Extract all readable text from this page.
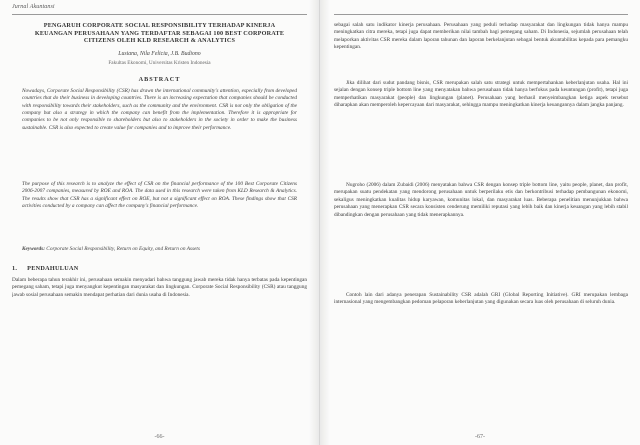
Jurnal Akuntansi
PENGARUH CORPORATE SOCIAL RESPONSIBILITY TERHADAP KINERJA KEUANGAN PERUSAHAAN YANG TERDAFTAR SEBAGAI 100 BEST CORPORATE CITIZENS OLEH KLD RESEARCH & ANALYTICS
Lusiana, Nila Felicia, J.B. Budiono
Fakultas Ekonomi, Universitas Kristen Indonesia
ABSTRACT
Nowadays, Corporate Social Responsibility (CSR) has drawn the international community's attention, especially from developed countries that do their business in developing countries. There is an increasing expectation that companies should be conducted with responsibility towards their stakeholders, such as the community and the environment. CSR is not only the obligation of the company but also a strategy in which the company can benefit from the implementation. Therefore it is appropriate for companies to be not only responsible to shareholders but also to stakeholders in the society in order to make the business sustainable. CSR is also expected to create value for companies and to improve their performance.
The purpose of this research is to analyze the effect of CSR on the financial performance of the 100 Best Corporate Citizens 2006-2007 companies, measured by ROE and ROA. The data used in this research were taken from KLD Research & Analytics. The results show that CSR has a significant effect on ROE, but not a significant effect on ROA. These findings show that CSR activities conducted by a company can affect the company's financial performance.
Keywords: Corporate Social Responsibility, Return on Equity, and Return on Assets
1. PENDAHULUAN
Dalam beberapa tahun terakhir ini, perusahaan semakin menyadari bahwa tanggung jawab mereka tidak hanya terbatas pada kepentingan pemegang saham, tetapi juga menyangkut kepentingan masyarakat dan lingkungan. Corporate Social Responsibility (CSR) atau tanggung jawab sosial perusahaan semakin mendapat perhatian dari dunia usaha di Indonesia.
-66-
sebagai salah satu indikator kinerja perusahaan. Perusahaan yang peduli terhadap masyarakat dan lingkungan tidak hanya mampu meningkatkan citra mereka, tetapi juga dapat memberikan nilai tambah bagi pemegang saham. Di Indonesia, sejumlah perusahaan telah melaporkan aktivitas CSR mereka dalam laporan tahunan dan laporan berkelanjutan sebagai bentuk akuntabilitas kepada para pemangku kepentingan.
Jika dilihat dari sudut pandang bisnis, CSR merupakan salah satu strategi untuk mempertahankan keberlanjutan usaha. Hal ini sejalan dengan konsep triple bottom line yang menyatakan bahwa perusahaan tidak hanya berfokus pada keuntungan (profit), tetapi juga memperhatikan masyarakat (people) dan lingkungan (planet). Perusahaan yang berhasil menyeimbangkan ketiga aspek tersebut diharapkan akan memperoleh kepercayaan dari masyarakat, sehingga mampu meningkatkan kinerja keuangannya dalam jangka panjang.
Nugroho (2006) dalam Zubaidi (2006) menyatakan bahwa CSR dengan konsep triple bottom line, yaitu people, planet, dan profit, merupakan suatu pendekatan yang mendorong perusahaan untuk berperilaku etis dan berkontribusi terhadap pembangunan ekonomi, sekaligus meningkatkan kualitas hidup karyawan, komunitas lokal, dan masyarakat luas. Beberapa penelitian menunjukkan bahwa perusahaan yang menerapkan CSR secara konsisten cenderung memiliki reputasi yang lebih baik dan kinerja keuangan yang lebih stabil dibandingkan dengan perusahaan yang tidak menerapkannya.
Contoh lain dari adanya penerapan Sustainability CSR adalah GRI (Global Reporting Initiative). GRI merupakan lembaga internasional yang mengembangkan pedoman pelaporan keberlanjutan yang digunakan secara luas oleh perusahaan di seluruh dunia.
-67-
